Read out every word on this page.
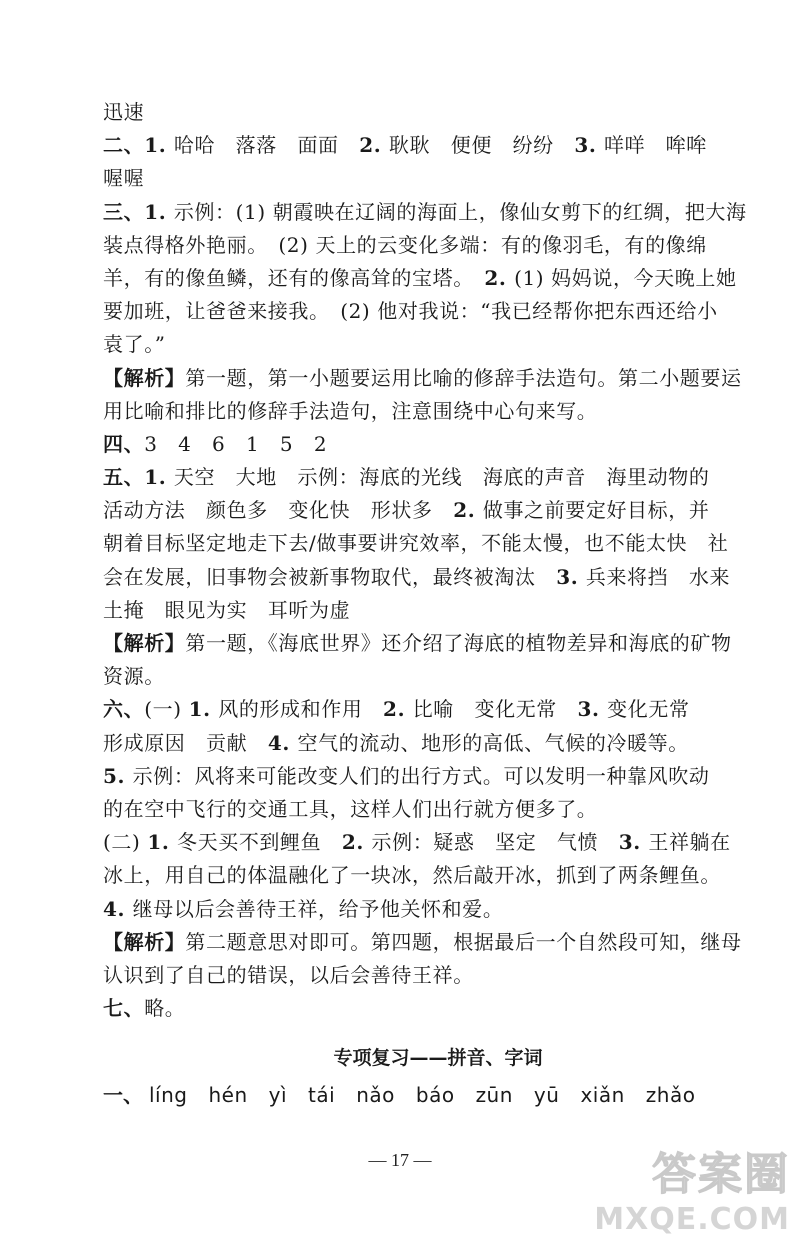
迅速
二、1. 哈哈　落落　面面　2. 耿耿　便便　纷纷　3. 咩咩　哞哞
喔喔
三、1. 示例：(1) 朝霞映在辽阔的海面上，像仙女剪下的红绸，把大海
装点得格外艳丽。　(2) 天上的云变化多端：有的像羽毛，有的像绵
羊，有的像鱼鳞，还有的像高耸的宝塔。　2. (1) 妈妈说，今天晚上她
要加班，让爸爸来接我。　(2) 他对我说：“我已经帮你把东西还给小
袁了。”
【解析】第一题，第一小题要运用比喻的修辞手法造句。第二小题要运
用比喻和排比的修辞手法造句，注意围绕中心句来写。
四、3　4　6　1　5　2
五、1. 天空　大地　示例：海底的光线　海底的声音　海里动物的
活动方法　颜色多　变化快　形状多　2. 做事之前要定好目标，并
朝着目标坚定地走下去/做事要讲究效率，不能太慢，也不能太快　社
会在发展，旧事物会被新事物取代，最终被淘汰　3. 兵来将挡　水来
土掩　眼见为实　耳听为虚
【解析】第一题，《海底世界》还介绍了海底的植物差异和海底的矿物
资源。
六、(一) 1. 风的形成和作用　2. 比喻　变化无常　3. 变化无常
形成原因　贡献　4. 空气的流动、地形的高低、气候的冷暖等。
5. 示例：风将来可能改变人们的出行方式。可以发明一种靠风吹动
的在空中飞行的交通工具，这样人们出行就方便多了。
(二) 1. 冬天买不到鲤鱼　2. 示例：疑惑　坚定　气愤　3. 王祥躺在
冰上，用自己的体温融化了一块冰，然后敲开冰，抓到了两条鲤鱼。
4. 继母以后会善待王祥，给予他关怀和爱。
【解析】第二题意思对即可。第四题，根据最后一个自然段可知，继母
认识到了自己的错误，以后会善待王祥。
七、略。
专项复习——拼音、字词
一、 líng hén yì tái nǎo báo zūn yū xiǎn zhǎo
— 17 —	答案圈
MXQE.COM
